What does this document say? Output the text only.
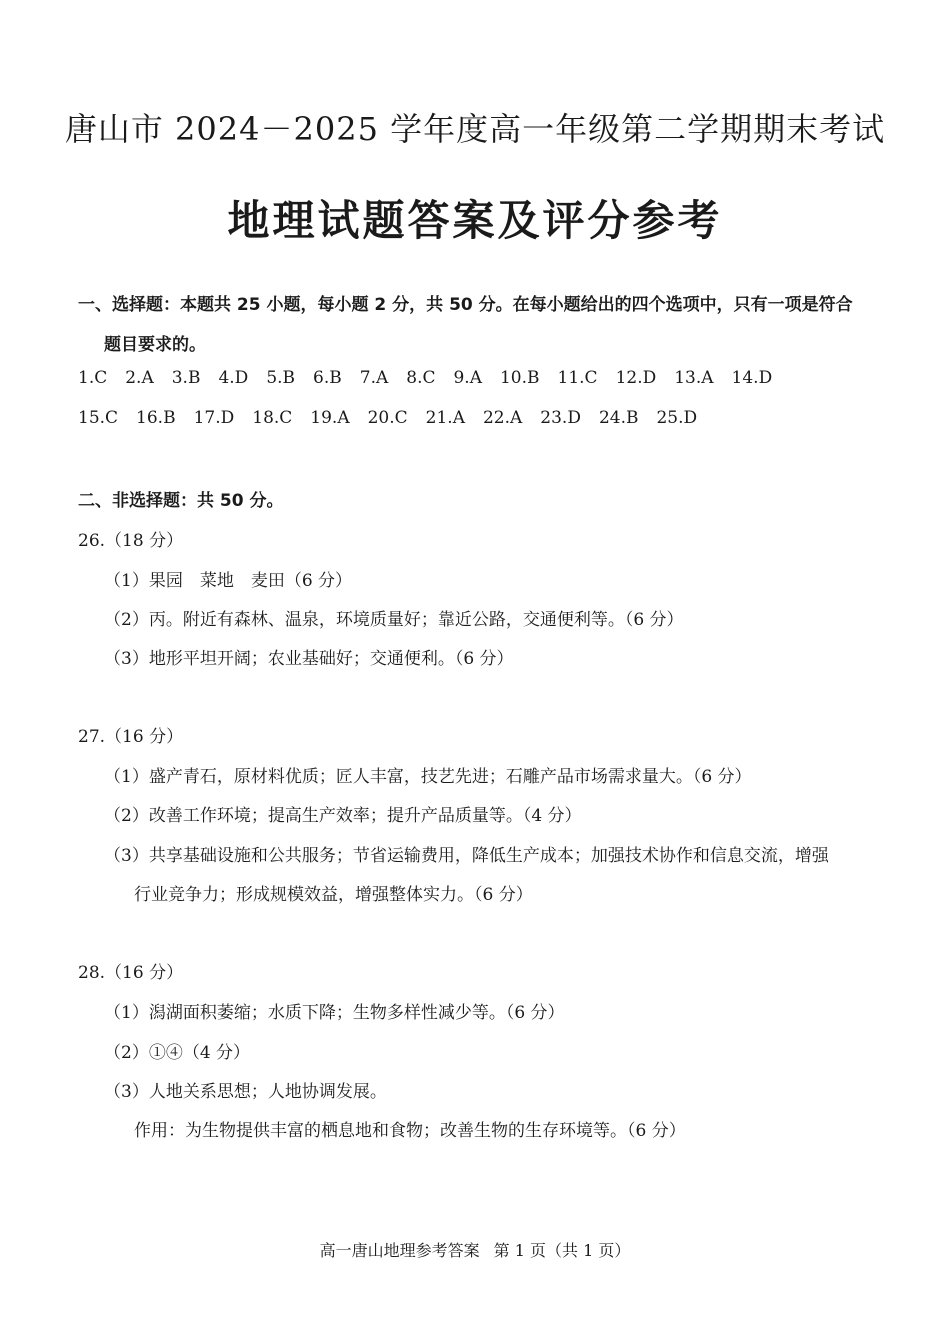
唐山市 2024－2025 学年度高一年级第二学期期末考试
地理试题答案及评分参考
一、选择题：本题共 25 小题，每小题 2 分，共 50 分。在每小题给出的四个选项中，只有一项是符合
题目要求的。
1.C 2.A 3.B 4.D 5.B 6.B 7.A 8.C 9.A 10.B 11.C 12.D 13.A 14.D
15.C 16.B 17.D 18.C 19.A 20.C 21.A 22.A 23.D 24.B 25.D
二、非选择题：共 50 分。
26.（18 分）
（1）果园　菜地　麦田（6 分）
（2）丙。附近有森林、温泉，环境质量好；靠近公路，交通便利等。（6 分）
（3）地形平坦开阔；农业基础好；交通便利。（6 分）
27.（16 分）
（1）盛产青石，原材料优质；匠人丰富，技艺先进；石雕产品市场需求量大。（6 分）
（2）改善工作环境；提高生产效率；提升产品质量等。（4 分）
（3）共享基础设施和公共服务；节省运输费用，降低生产成本；加强技术协作和信息交流，增强
行业竞争力；形成规模效益，增强整体实力。（6 分）
28.（16 分）
（1）潟湖面积萎缩；水质下降；生物多样性减少等。（6 分）
（2）①④（4 分）
（3）人地关系思想；人地协调发展。
作用：为生物提供丰富的栖息地和食物；改善生物的生存环境等。（6 分）
高一唐山地理参考答案 第 1 页（共 1 页）
